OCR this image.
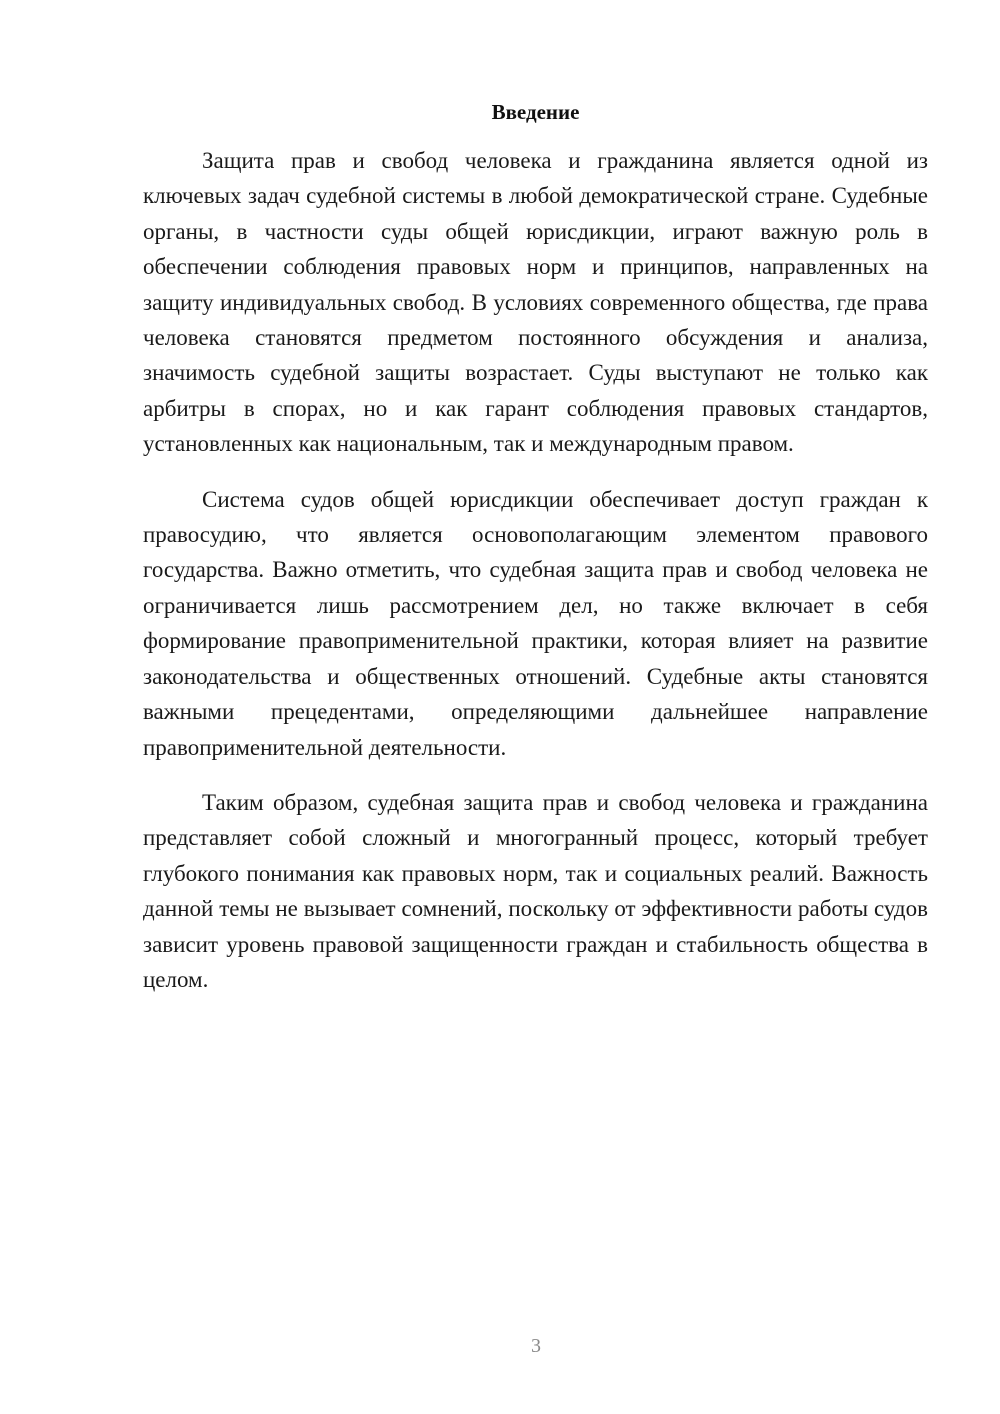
Введение

Защита прав и свобод человека и гражданина является одной из ключевых задач судебной системы в любой демократической стране. Судебные органы, в частности суды общей юрисдикции, играют важную роль в обеспечении соблюдения правовых норм и принципов, направленных на защиту индивидуальных свобод. В условиях современного общества, где права человека становятся предметом постоянного обсуждения и анализа, значимость судебной защиты возрастает. Суды выступают не только как арбитры в спорах, но и как гарант соблюдения правовых стандартов, установленных как национальным, так и международным правом.

Система судов общей юрисдикции обеспечивает доступ граждан к правосудию, что является основополагающим элементом правового государства. Важно отметить, что судебная защита прав и свобод человека не ограничивается лишь рассмотрением дел, но также включает в себя формирование правоприменительной практики, которая влияет на развитие законодательства и общественных отношений. Судебные акты становятся важными прецедентами, определяющими дальнейшее направление правоприменительной деятельности.

Таким образом, судебная защита прав и свобод человека и гражданина представляет собой сложный и многогранный процесс, который требует глубокого понимания как правовых норм, так и социальных реалий. Важность данной темы не вызывает сомнений, поскольку от эффективности работы судов зависит уровень правовой защищенности граждан и стабильность общества в целом.

3
